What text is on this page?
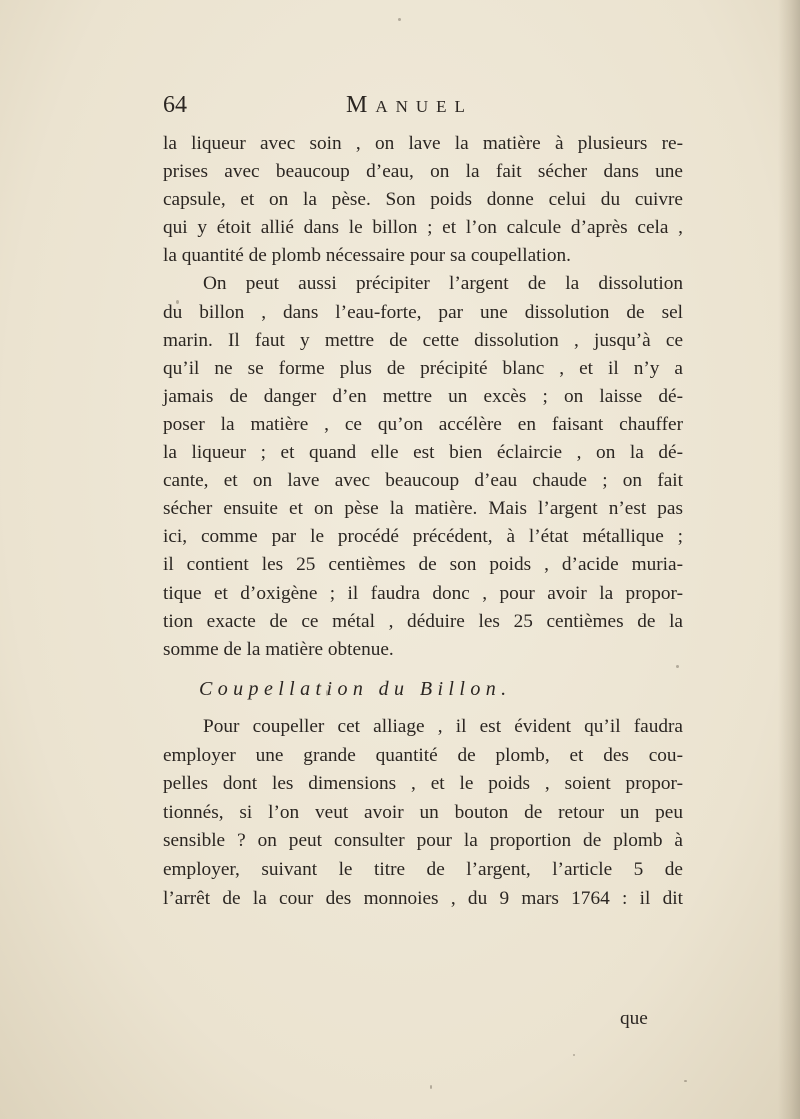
64	Manuel
la liqueur avec soin , on lave la matière à plusieurs re-
prises avec beaucoup d’eau, on la fait sécher dans une
capsule, et on la pèse. Son poids donne celui du cuivre
qui y étoit allié dans le billon ; et l’on calcule d’après cela ,
la quantité de plomb nécessaire pour sa coupellation.
On peut aussi précipiter l’argent de la dissolution
du billon , dans l’eau-forte, par une dissolution de sel
marin. Il faut y mettre de cette dissolution , jusqu’à ce
qu’il ne se forme plus de précipité blanc , et il n’y a
jamais de danger d’en mettre un excès ; on laisse dé-
poser la matière , ce qu’on accélère en faisant chauffer
la liqueur ; et quand elle est bien éclaircie , on la dé-
cante, et on lave avec beaucoup d’eau chaude ; on fait
sécher ensuite et on pèse la matière. Mais l’argent n’est pas
ici, comme par le procédé précédent, à l’état métallique ;
il contient les 25 centièmes de son poids , d’acide muria-
tique et d’oxigène ; il faudra donc , pour avoir la propor-
tion exacte de ce métal , déduire les 25 centièmes de la
somme de la matière obtenue.
Coupellation du Billon.
Pour coupeller cet alliage , il est évident qu’il faudra
employer une grande quantité de plomb, et des cou-
pelles dont les dimensions , et le poids , soient propor-
tionnés, si l’on veut avoir un bouton de retour un peu
sensible ? on peut consulter pour la proportion de plomb à
employer, suivant le titre de l’argent, l’article 5 de
l’arrêt de la cour des monnoies , du 9 mars 1764 : il dit
que
